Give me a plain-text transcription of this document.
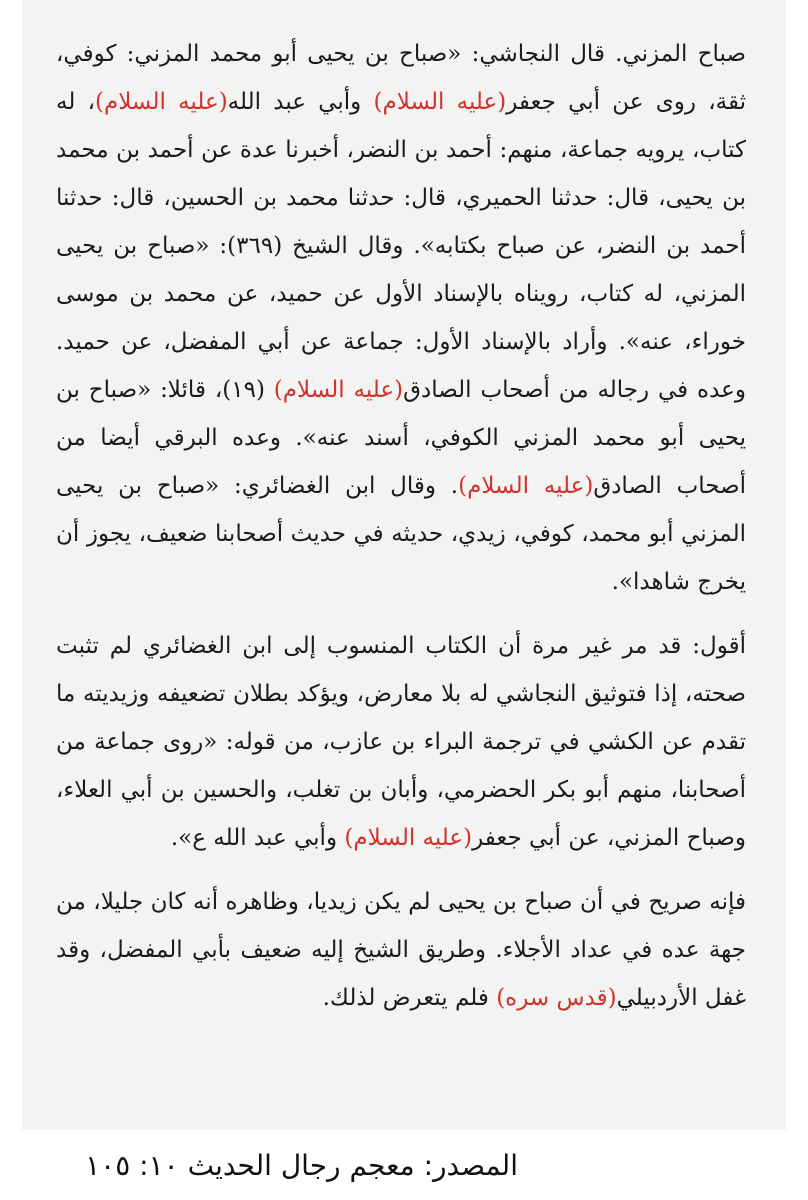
صباح المزني. قال النجاشي: «صباح بن يحيى أبو محمد المزني: كوفي، ثقة، روى عن أبي جعفر(عليه السلام) وأبي عبد الله(عليه السلام)، له كتاب، يرويه جماعة، منهم: أحمد بن النضر، أخبرنا عدة عن أحمد بن محمد بن يحيى، قال: حدثنا الحميري، قال: حدثنا محمد بن الحسين، قال: حدثنا أحمد بن النضر، عن صباح بكتابه». وقال الشيخ (٣٦٩): «صباح بن يحيى المزني، له كتاب، رويناه بالإسناد الأول عن حميد، عن محمد بن موسى خوراء، عنه». وأراد بالإسناد الأول: جماعة عن أبي المفضل، عن حميد. وعده في رجاله من أصحاب الصادق(عليه السلام) (١٩)، قائلا: «صباح بن يحيى أبو محمد المزني الكوفي، أسند عنه». وعده البرقي أيضا من أصحاب الصادق(عليه السلام). وقال ابن الغضائري: «صباح بن يحيى المزني أبو محمد، كوفي، زيدي، حديثه في حديث أصحابنا ضعيف، يجوز أن يخرج شاهدا».

أقول: قد مر غير مرة أن الكتاب المنسوب إلى ابن الغضائري لم تثبت صحته، إذا فتوثيق النجاشي له بلا معارض، ويؤكد بطلان تضعيفه وزيديته ما تقدم عن الكشي في ترجمة البراء بن عازب، من قوله: «روى جماعة من أصحابنا، منهم أبو بكر الحضرمي، وأبان بن تغلب، والحسين بن أبي العلاء، وصباح المزني، عن أبي جعفر(عليه السلام) وأبي عبد الله ع».

فإنه صريح في أن صباح بن يحيى لم يكن زيديا، وظاهره أنه كان جليلا، من جهة عده في عداد الأجلاء. وطريق الشيخ إليه ضعيف بأبي المفضل، وقد غفل الأردبيلي(قدس سره) فلم يتعرض لذلك.

المصدر: معجم رجال الحديث ١٠: ١٠٥
